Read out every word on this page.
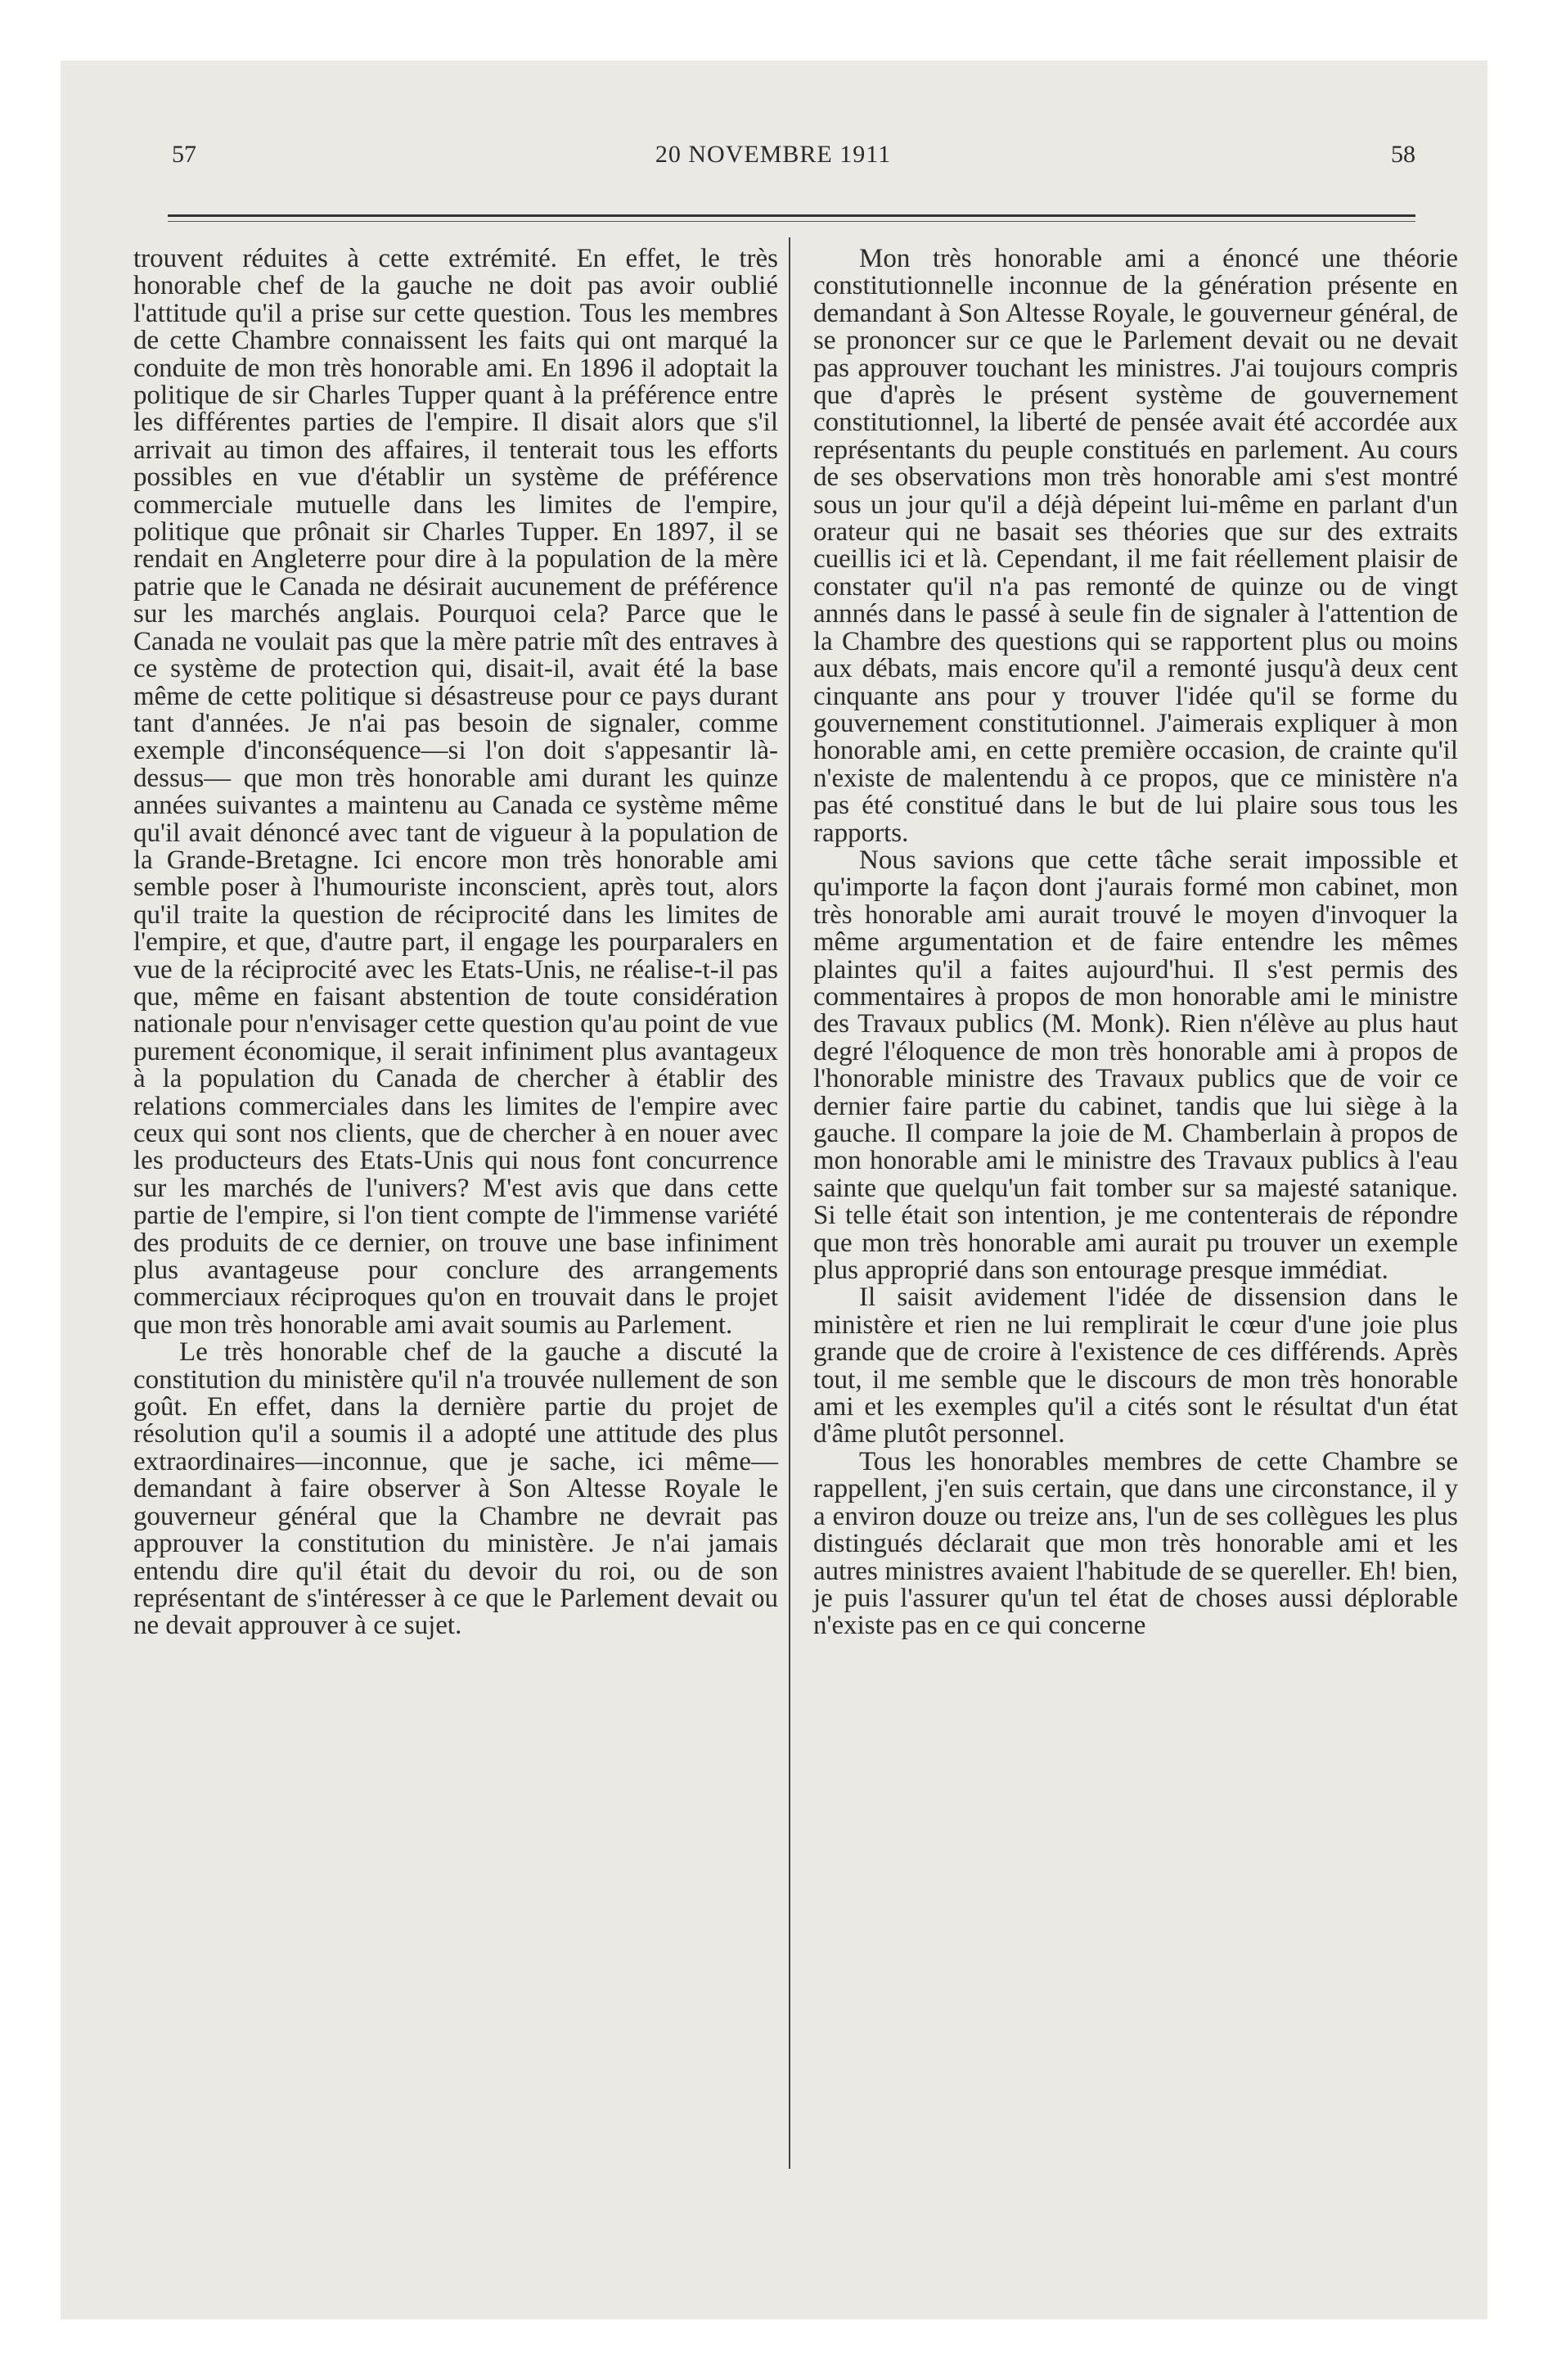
57	20 NOVEMBRE 1911	58

trouvent réduites à cette extrémité. En effet, le très honorable chef de la gauche ne doit pas avoir oublié l'attitude qu'il a prise sur cette question. Tous les membres de cette Chambre connaissent les faits qui ont marqué la conduite de mon très honorable ami. En 1896 il adoptait la politique de sir Charles Tupper quant à la préférence entre les différentes parties de l'empire. Il disait alors que s'il arrivait au timon des affaires, il tenterait tous les efforts possibles en vue d'établir un système de préférence commerciale mutuelle dans les limites de l'empire, politique que prônait sir Charles Tupper. En 1897, il se rendait en Angleterre pour dire à la population de la mère patrie que le Canada ne désirait aucunement de préférence sur les marchés anglais. Pourquoi cela? Parce que le Canada ne voulait pas que la mère patrie mît des entraves à ce système de protection qui, disait-il, avait été la base même de cette politique si désastreuse pour ce pays durant tant d'années. Je n'ai pas besoin de signaler, comme exemple d'inconséquence—si l'on doit s'appesantir là-dessus— que mon très honorable ami durant les quinze années suivantes a maintenu au Canada ce système même qu'il avait dénoncé avec tant de vigueur à la population de la Grande-Bretagne. Ici encore mon très honorable ami semble poser à l'humouriste inconscient, après tout, alors qu'il traite la question de réciprocité dans les limites de l'empire, et que, d'autre part, il engage les pourparalers en vue de la réciprocité avec les Etats-Unis, ne réalise-t-il pas que, même en faisant abstention de toute considération nationale pour n'envisager cette question qu'au point de vue purement économique, il serait infiniment plus avantageux à la population du Canada de chercher à établir des relations commerciales dans les limites de l'empire avec ceux qui sont nos clients, que de chercher à en nouer avec les producteurs des Etats-Unis qui nous font concurrence sur les marchés de l'univers? M'est avis que dans cette partie de l'empire, si l'on tient compte de l'immense variété des produits de ce dernier, on trouve une base infiniment plus avantageuse pour conclure des arrangements commerciaux réciproques qu'on en trouvait dans le projet que mon très honorable ami avait soumis au Parlement.

Le très honorable chef de la gauche a discuté la constitution du ministère qu'il n'a trouvée nullement de son goût. En effet, dans la dernière partie du projet de résolution qu'il a soumis il a adopté une attitude des plus extraordinaires—inconnue, que je sache, ici même—demandant à faire observer à Son Altesse Royale le gouverneur général que la Chambre ne devrait pas approuver la constitution du ministère. Je n'ai jamais entendu dire qu'il était du devoir du roi, ou de son représentant de s'intéresser à ce que le Parlement devait ou ne devait approuver à ce sujet.

Mon très honorable ami a énoncé une théorie constitutionnelle inconnue de la génération présente en demandant à Son Altesse Royale, le gouverneur général, de se prononcer sur ce que le Parlement devait ou ne devait pas approuver touchant les ministres. J'ai toujours compris que d'après le présent système de gouvernement constitutionnel, la liberté de pensée avait été accordée aux représentants du peuple constitués en parlement. Au cours de ses observations mon très honorable ami s'est montré sous un jour qu'il a déjà dépeint lui-même en parlant d'un orateur qui ne basait ses théories que sur des extraits cueillis ici et là. Cependant, il me fait réellement plaisir de constater qu'il n'a pas remonté de quinze ou de vingt annnés dans le passé à seule fin de signaler à l'attention de la Chambre des questions qui se rapportent plus ou moins aux débats, mais encore qu'il a remonté jusqu'à deux cent cinquante ans pour y trouver l'idée qu'il se forme du gouvernement constitutionnel. J'aimerais expliquer à mon honorable ami, en cette première occasion, de crainte qu'il n'existe de malentendu à ce propos, que ce ministère n'a pas été constitué dans le but de lui plaire sous tous les rapports.

Nous savions que cette tâche serait impossible et qu'importe la façon dont j'aurais formé mon cabinet, mon très honorable ami aurait trouvé le moyen d'invoquer la même argumentation et de faire entendre les mêmes plaintes qu'il a faites aujourd'hui. Il s'est permis des commentaires à propos de mon honorable ami le ministre des Travaux publics (M. Monk). Rien n'élève au plus haut degré l'éloquence de mon très honorable ami à propos de l'honorable ministre des Travaux publics que de voir ce dernier faire partie du cabinet, tandis que lui siège à la gauche. Il compare la joie de M. Chamberlain à propos de mon honorable ami le ministre des Travaux publics à l'eau sainte que quelqu'un fait tomber sur sa majesté satanique. Si telle était son intention, je me contenterais de répondre que mon très honorable ami aurait pu trouver un exemple plus approprié dans son entourage presque immédiat.

Il saisit avidement l'idée de dissension dans le ministère et rien ne lui remplirait le cœur d'une joie plus grande que de croire à l'existence de ces différends. Après tout, il me semble que le discours de mon très honorable ami et les exemples qu'il a cités sont le résultat d'un état d'âme plutôt personnel.

Tous les honorables membres de cette Chambre se rappellent, j'en suis certain, que dans une circonstance, il y a environ douze ou treize ans, l'un de ses collègues les plus distingués déclarait que mon très honorable ami et les autres ministres avaient l'habitude de se quereller. Eh! bien, je puis l'assurer qu'un tel état de choses aussi déplorable n'existe pas en ce qui concerne
